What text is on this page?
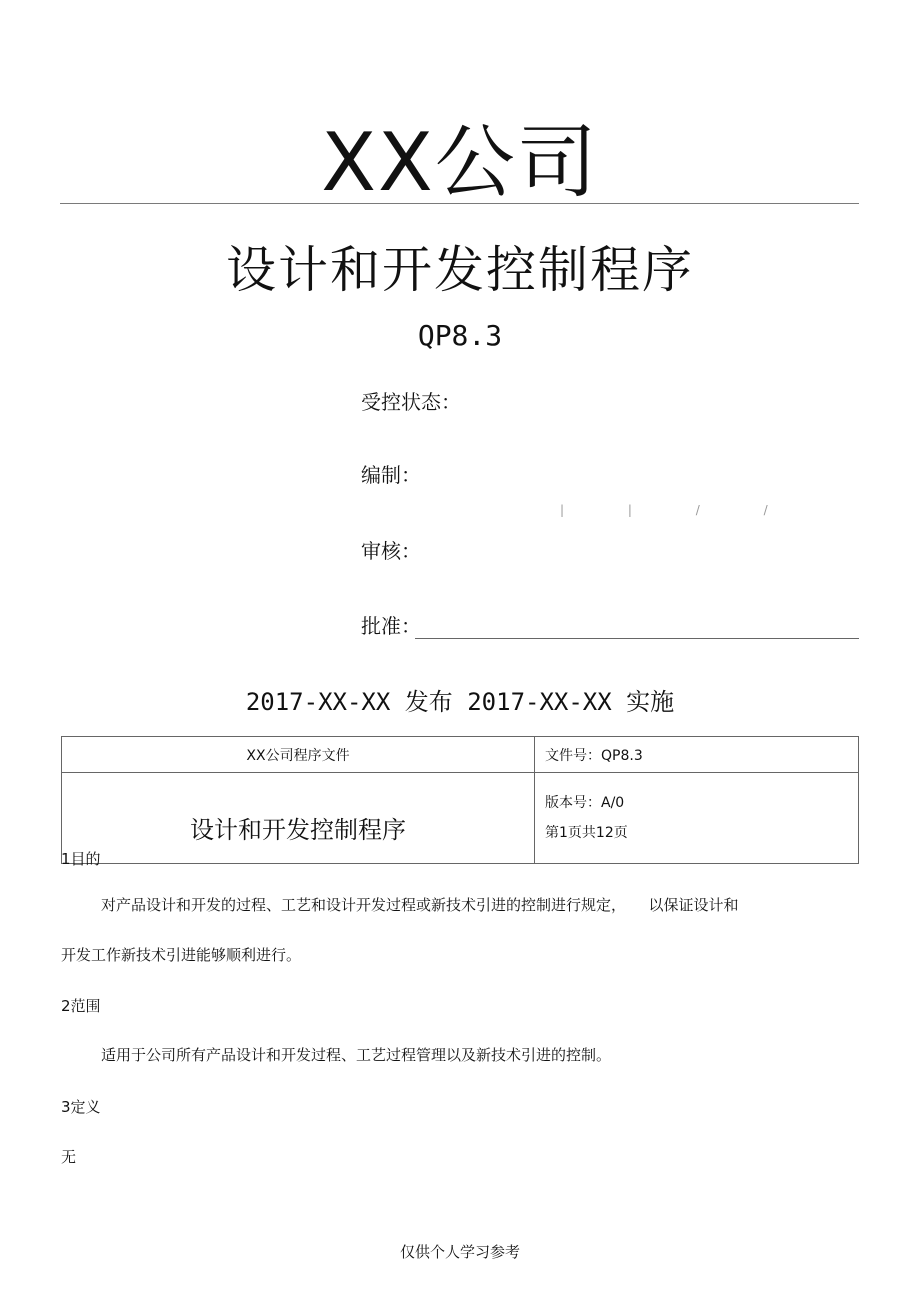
XX公司
设计和开发控制程序
QP8.3
受控状态：
编制：
| | / /
审核：
批准：
2017-XX-XX 发布 2017-XX-XX 实施
XX公司程序文件	文件号：QP8.3
设计和开发控制程序	版本号：A/0
第1页共12页
1目的
对产品设计和开发的过程、工艺和设计开发过程或新技术引进的控制进行规定，　　以保证设计和
开发工作新技术引进能够顺利进行。
2范围
适用于公司所有产品设计和开发过程、工艺过程管理以及新技术引进的控制。
3定义
无
仅供个人学习参考
